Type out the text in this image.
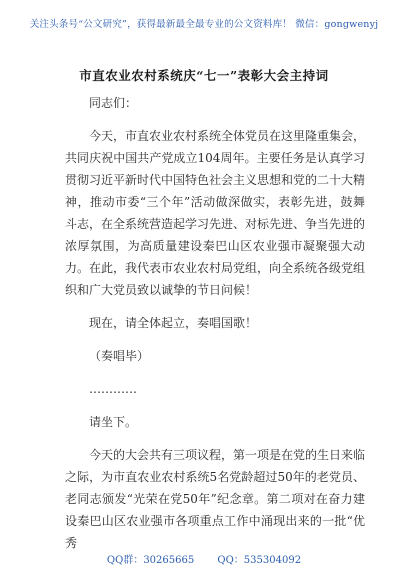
关注头条号“公文研究”，获得最新最全最专业的公文资料库！ 微信：gongwenyj
市直农业农村系统庆“七一”表彰大会主持词

同志们：

今天，市直农业农村系统全体党员在这里隆重集会，共同庆祝中国共产党成立104周年。主要任务是认真学习贯彻习近平新时代中国特色社会主义思想和党的二十大精神，推动市委“三个年”活动做深做实，表彰先进，鼓舞斗志，在全系统营造起学习先进、对标先进、争当先进的浓厚氛围，为高质量建设秦巴山区农业强市凝聚强大动力。在此，我代表市农业农村局党组，向全系统各级党组织和广大党员致以诚挚的节日问候！

现在，请全体起立，奏唱国歌！

（奏唱毕）

…………

请坐下。

今天的大会共有三项议程，第一项是在党的生日来临之际，为市直农业农村系统5名党龄超过50年的老党员、老同志颁发“光荣在党50年”纪念章。第二项对在奋力建设秦巴山区农业强市各项重点工作中涌现出来的一批“优秀

QQ群：30265665 QQ：535304092
